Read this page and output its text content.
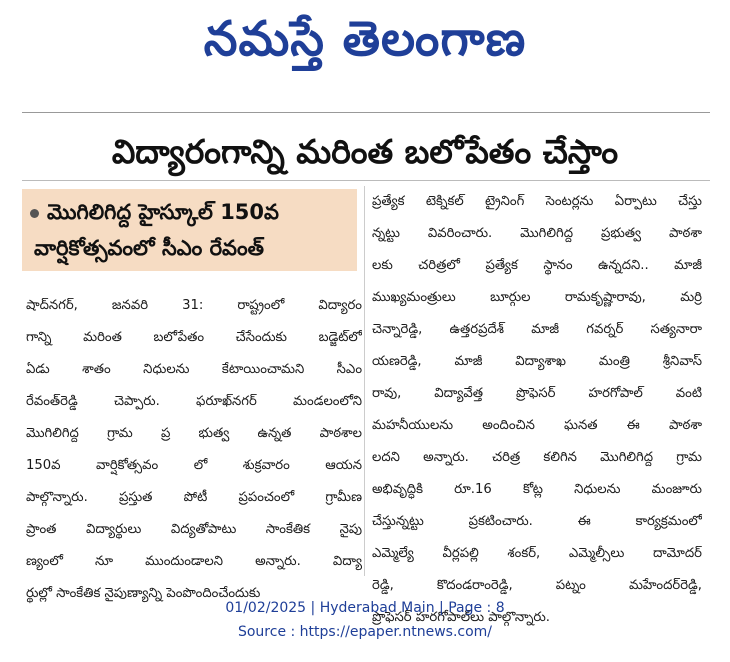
నమస్తే తెలంగాణ
విద్యారంగాన్ని మరింత బలోపేతం చేస్తాం
మొగిలిగిద్ద హైస్కూల్ 150వ
వార్షికోత్సవంలో సీఎం రేవంత్
షాద్‌నగర్, జనవరి 31: రాష్ట్రంలో విద్యారం
గాన్ని మరింత బలోపేతం చేసేందుకు బడ్జెట్‌లో
ఏడు శాతం నిధులను కేటాయించామని సీఎం
రేవంత్‌రెడ్డి చెప్పారు. ఫరూఖ్‌నగర్ మండలంలోని
మొగిలిగిద్ద గ్రామ ప్ర భుత్వ ఉన్నత పాఠశాల
150వ వార్షికోత్సవం లో శుక్రవారం ఆయన
పాల్గొన్నారు. ప్రస్తుత పోటీ ప్రపంచంలో గ్రామీణ
ప్రాంత విద్యార్థులు విద్యతోపాటు సాంకేతిక నైపు
ణ్యంలో నూ ముందుండాలని అన్నారు. విద్యా
ర్థుల్లో సాంకేతిక నైపుణ్యాన్ని పెంపొందించేందుకు
ప్రత్యేక టెక్నికల్ ట్రైనింగ్ సెంటర్లను ఏర్పాటు చేస్తు
న్నట్టు వివరించారు. మొగిలిగిద్ద ప్రభుత్వ పాఠశా
లకు చరిత్రలో ప్రత్యేక స్థానం ఉన్నదని.. మాజీ
ముఖ్యమంత్రులు బూర్గుల రామకృష్ణారావు, మర్రి
చెన్నారెడ్డి, ఉత్తరప్రదేశ్ మాజీ గవర్నర్ సత్యనారా
యణరెడ్డి, మాజీ విద్యాశాఖ మంత్రి శ్రీనివాస్
రావు, విద్యావేత్త ప్రొఫెసర్ హరగోపాల్ వంటి
మహనీయులను అందించిన ఘనత ఈ పాఠశా
లదని అన్నారు. చరిత్ర కలిగిన మొగిలిగిద్ద గ్రామ
అభివృద్ధికి రూ.16 కోట్ల నిధులను మంజూరు
చేస్తున్నట్టు ప్రకటించారు. ఈ కార్యక్రమంలో
ఎమ్మెల్యే వీర్లపల్లి శంకర్, ఎమ్మెల్సీలు దామోదర్
రెడ్డి, కొదండరాంరెడ్డి, పట్నం మహేందర్‌రెడ్డి,
ప్రొఫెసర్ హరగోపాల్‌లు పాల్గొన్నారు.
01/02/2025 | Hyderabad Main | Page : 8
Source : https://epaper.ntnews.com/
